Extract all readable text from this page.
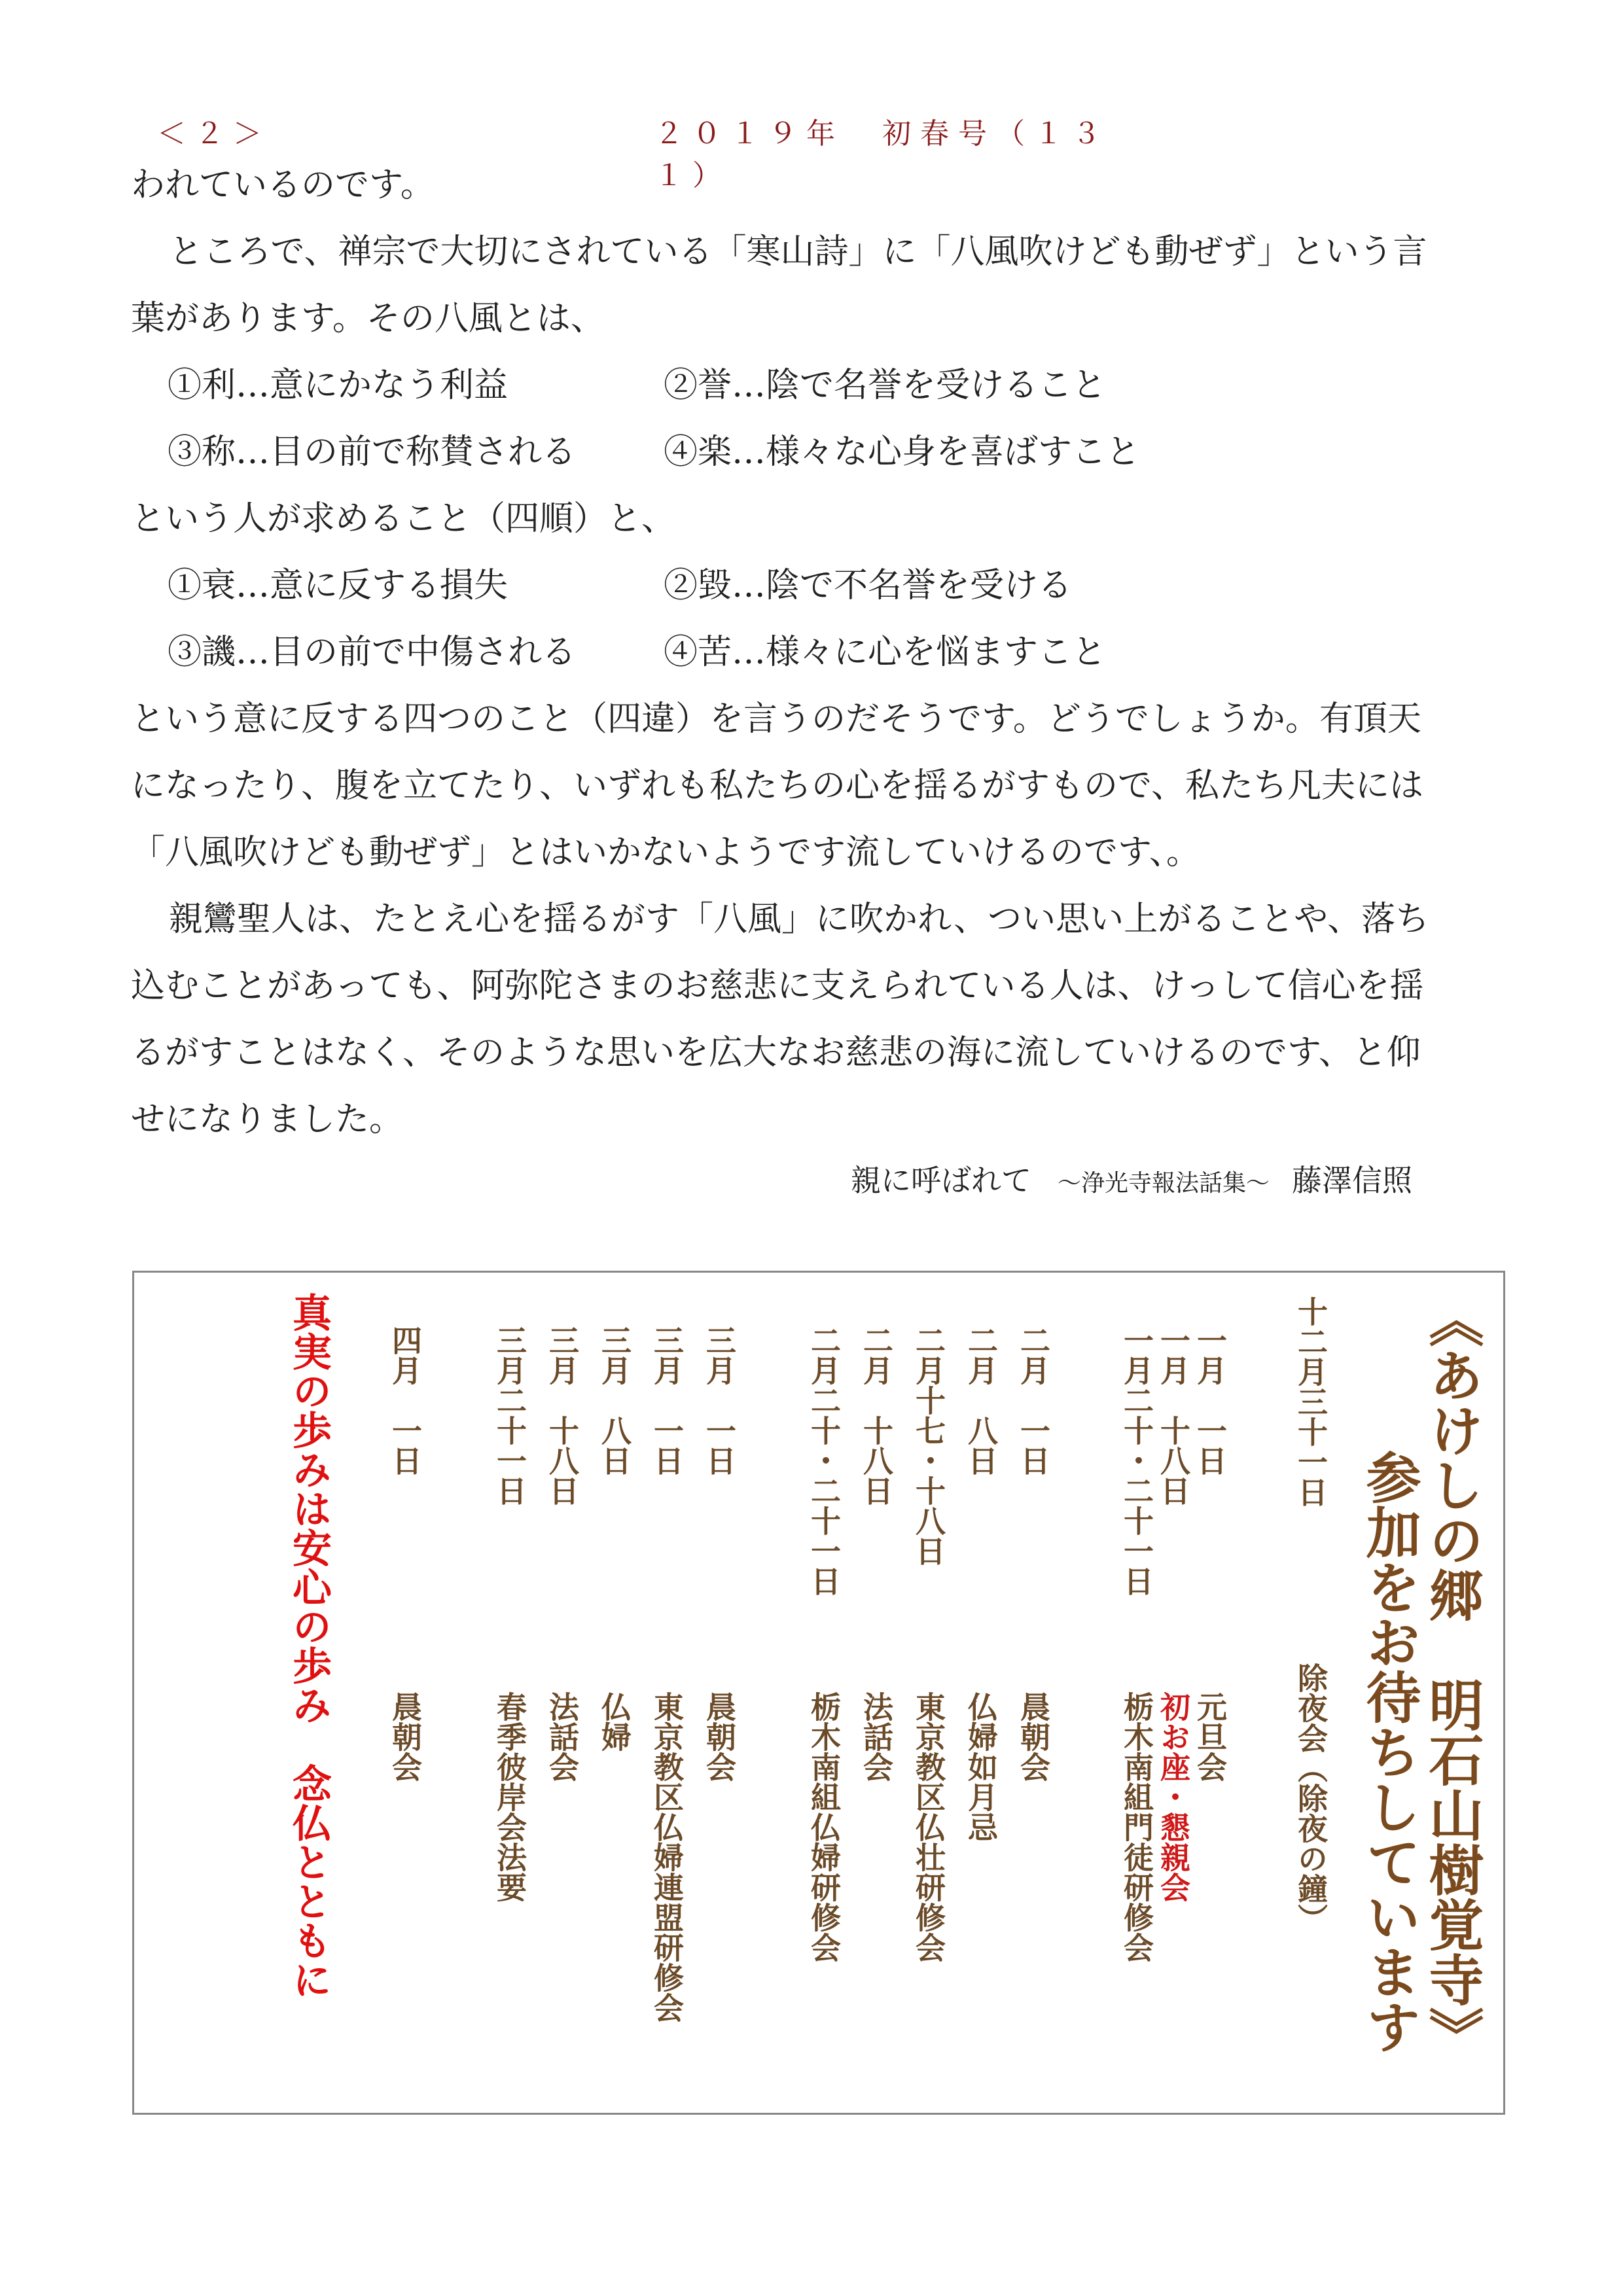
＜２＞	２０１９年　初春号（１３１）

われているのです。

ところで、禅宗で大切にされている「寒山詩」に「八風吹けども動ぜず」という言

葉があります。その八風とは、

①利…意にかなう利益	②誉…陰で名誉を受けること
③称…目の前で称賛される	④楽…様々な心身を喜ばすこと

という人が求めること（四順）と、

①衰…意に反する損失	②毀…陰で不名誉を受ける
③譏…目の前で中傷される	④苦…様々に心を悩ますこと

という意に反する四つのこと（四違）を言うのだそうです。どうでしょうか。有頂天

になったり、腹を立てたり、いずれも私たちの心を揺るがすもので、私たち凡夫には

「八風吹けども動ぜず」とはいかないようです流していけるのです、。

親鸞聖人は、たとえ心を揺るがす「八風」に吹かれ、つい思い上がることや、落ち

込むことがあっても、阿弥陀さまのお慈悲に支えられている人は、けっして信心を揺

るがすことはなく、そのような思いを広大なお慈悲の海に流していけるのです、と仰

せになりました。

親に呼ばれて ～浄光寺報法話集～ 藤澤信照
《あけしの郷　明石山樹覚寺》
参加をお待ちしています
十二月三十一日除夜会（除夜の鐘）
一月　一日元旦会
一月　十八日初お座・懇親会
一月二十・二十一日栃木南組門徒研修会
二月　一日晨朝会
二月　八日仏婦如月忌
二月十七・十八日東京教区仏壮研修会
二月　十八日法話会
二月二十・二十一日栃木南組仏婦研修会
三月　一日晨朝会
三月　一日東京教区仏婦連盟研修会
三月　八日仏婦
三月　十八日法話会
三月二十一日春季彼岸会法要
四月　一日晨朝会
真実の歩みは安心の歩み　念仏とともに
